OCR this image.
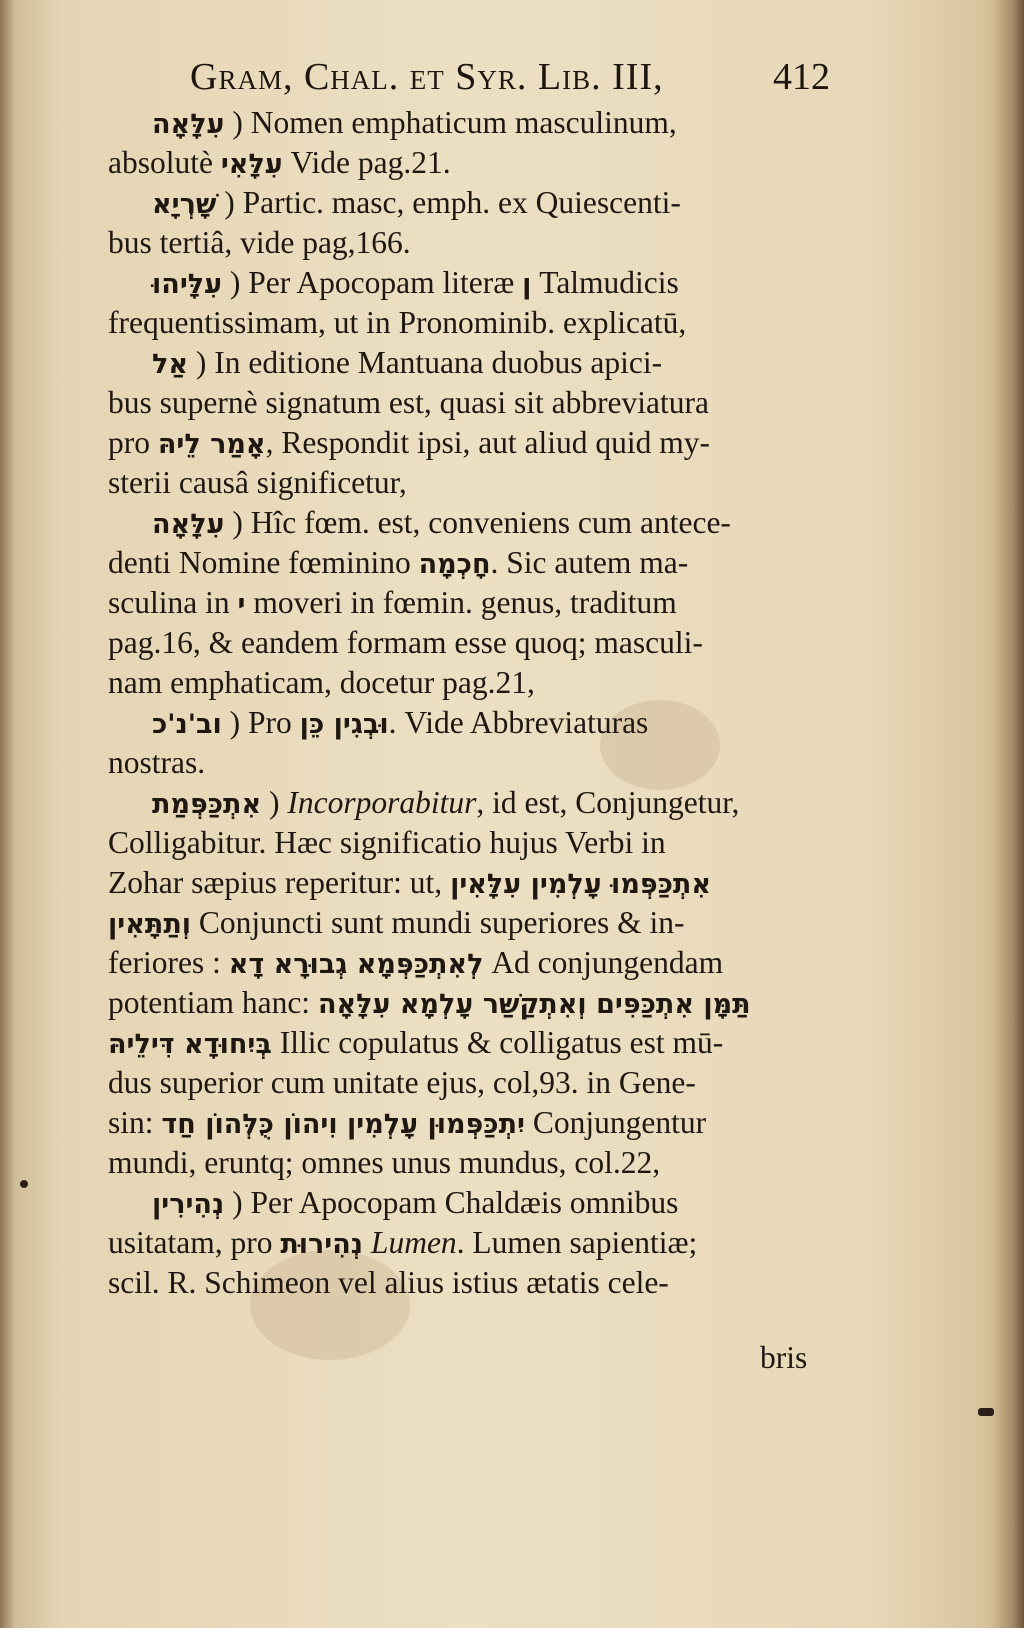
Gram, Chal. et Syr. Lib. III,	412
עִלָּאָה ) Nomen emphaticum masculinum,
absolutè עִלָּאִי Vide pag.21.
שָׁרְיָא ) Partic. masc, emph. ex Quiescenti-
bus tertiâ, vide pag,166.
עִלָּיהוּ ) Per Apocopam literæ ן Talmudicis
frequentissimam, ut in Pronominib. explicatū,
אַל ) In editione Mantuana duobus apici-
bus supernè signatum est, quasi sit abbreviatura
pro אָמַר לֵיהּ, Respondit ipsi, aut aliud quid my-
sterii causâ significetur,
עִלָּאָה ) Hîc fœm. est, conveniens cum antece-
denti Nomine fœminino חָכְמָה. Sic autem ma-
sculina in י moveri in fœmin. genus, traditum
pag.16, & eandem formam esse quoq; masculi-
nam emphaticam, docetur pag.21,
וב'נ'כ ) Pro וּבְגִין כֵּן. Vide Abbreviaturas
nostras.
אִתְכַּפְּמַת ) Incorporabitur, id est, Conjungetur,
Colligabitur. Hæc significatio hujus Verbi in
Zohar sæpius reperitur: ut, אִתְכַּפְּמוּ עָלְמִין עִלָּאִין
וְתַתָּאִין Conjuncti sunt mundi superiores & in-
feriores : לְאִתְכַּפְּמָא גְבוּרָא דָא Ad conjungendam
potentiam hanc: תַּמָּן אִתְכַּפִּים וְאִתְקַשַּׁר עָלְמָא עִלָּאָה
בְּיִחוּדָא דִּילֵיהּ Illic copulatus & colligatus est mū-
dus superior cum unitate ejus, col,93. in Gene-
sin: יִתְכַּפְּמוּן עָלְמִין וִיהוֹן כֻּלְּהוֹן חַד Conjungentur
mundi, eruntq; omnes unus mundus, col.22,
נְהִירִין ) Per Apocopam Chaldæis omnibus
usitatam, pro נְהִירוּת Lumen. Lumen sapientiæ;
scil. R. Schimeon vel alius istius ætatis cele-
bris
